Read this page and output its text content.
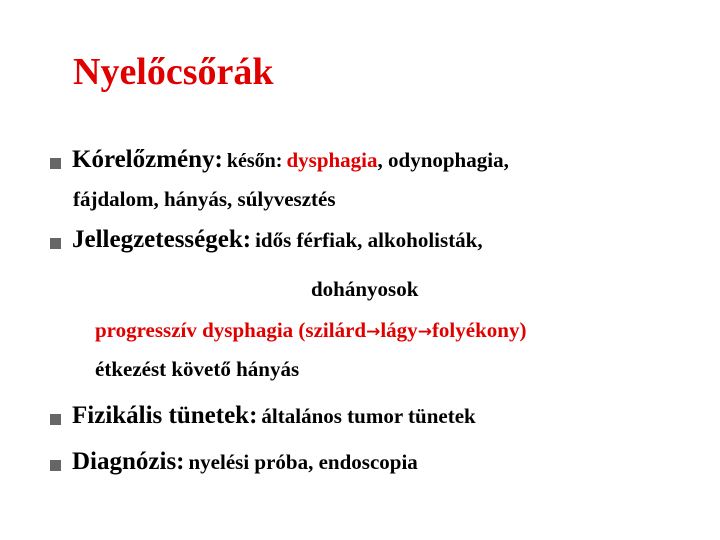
Nyelőcsőrák
Kórelőzmény: későn: dysphagia, odynophagia,
fájdalom, hányás, súlyvesztés
Jellegzetességek: idős férfiak, alkoholisták,
dohányosok
progresszív dysphagia (szilárd→lágy→folyékony)
étkezést követő hányás
Fizikális tünetek: általános tumor tünetek
Diagnózis: nyelési próba, endoscopia
